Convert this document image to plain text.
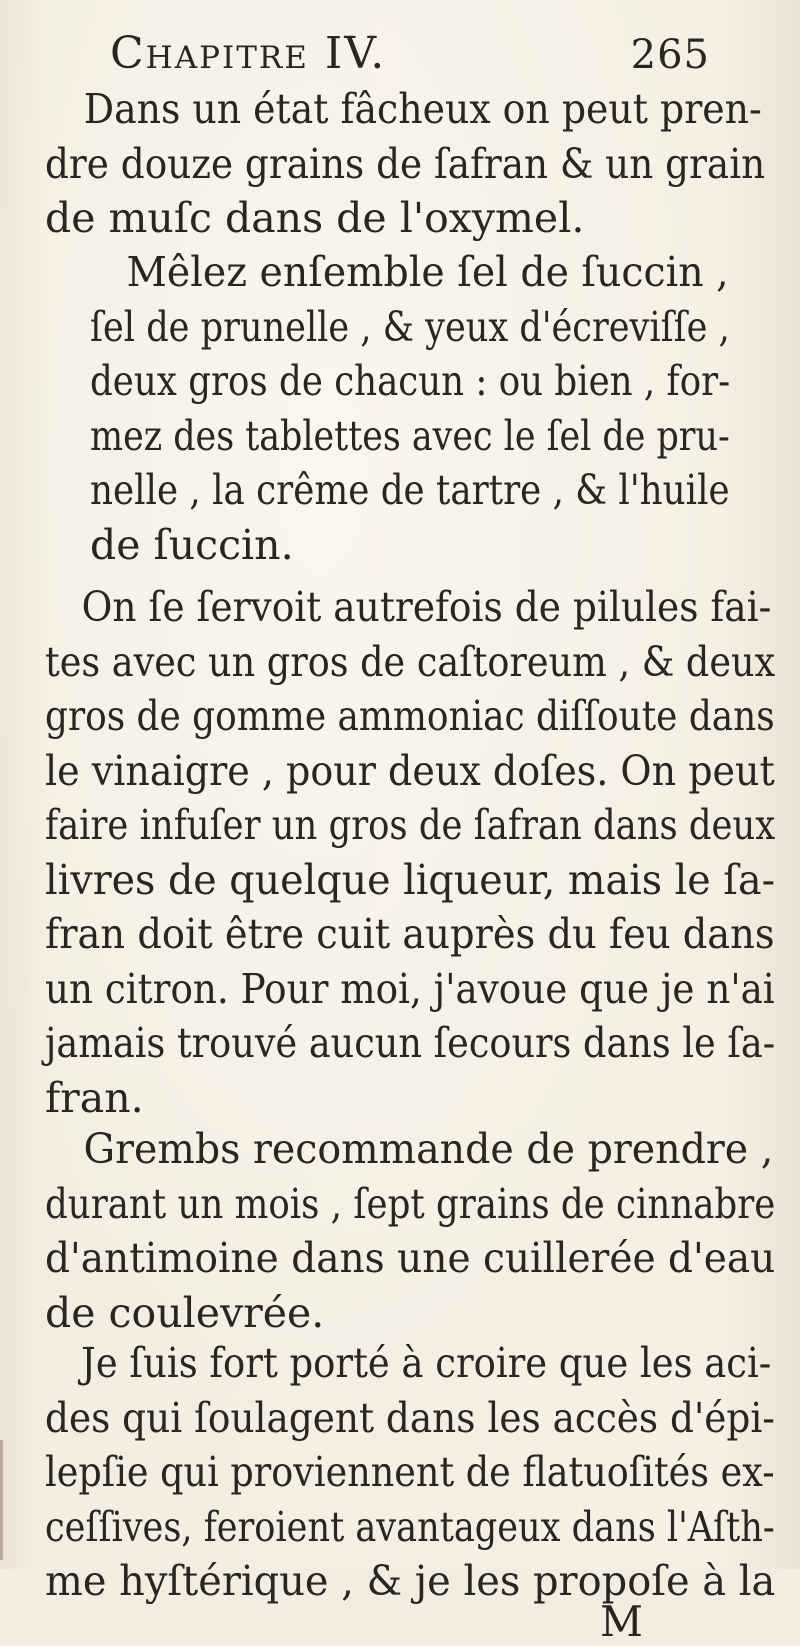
Chapitre IV.	265
Dans un état fâcheux on peut pren-
dre douze grains de ſafran & un grain
de muſc dans de l'oxymel.
Mêlez enſemble ſel de ſuccin ,
ſel de prunelle , & yeux d'écreviſſe ,
deux gros de chacun : ou bien , for-
mez des tablettes avec le ſel de pru-
nelle , la crême de tartre , & l'huile
de ſuccin.
On ſe ſervoit autrefois de pilules fai-
tes avec un gros de caſtoreum , & deux
gros de gomme ammoniac diſſoute dans
le vinaigre , pour deux doſes. On peut
faire infuſer un gros de ſafran dans deux
livres de quelque liqueur, mais le ſa-
fran doit être cuit auprès du feu dans
un citron. Pour moi, j'avoue que je n'ai
jamais trouvé aucun ſecours dans le ſa-
fran.
Grembs recommande de prendre ,
durant un mois , ſept grains de cinnabre
d'antimoine dans une cuillerée d'eau
de coulevrée.
Je ſuis fort porté à croire que les aci-
des qui ſoulagent dans les accès d'épi-
lepſie qui proviennent de flatuoſités ex-
ceſſives, feroient avantageux dans l'Aſth-
me hyſtérique , & je les propoſe à la
M
